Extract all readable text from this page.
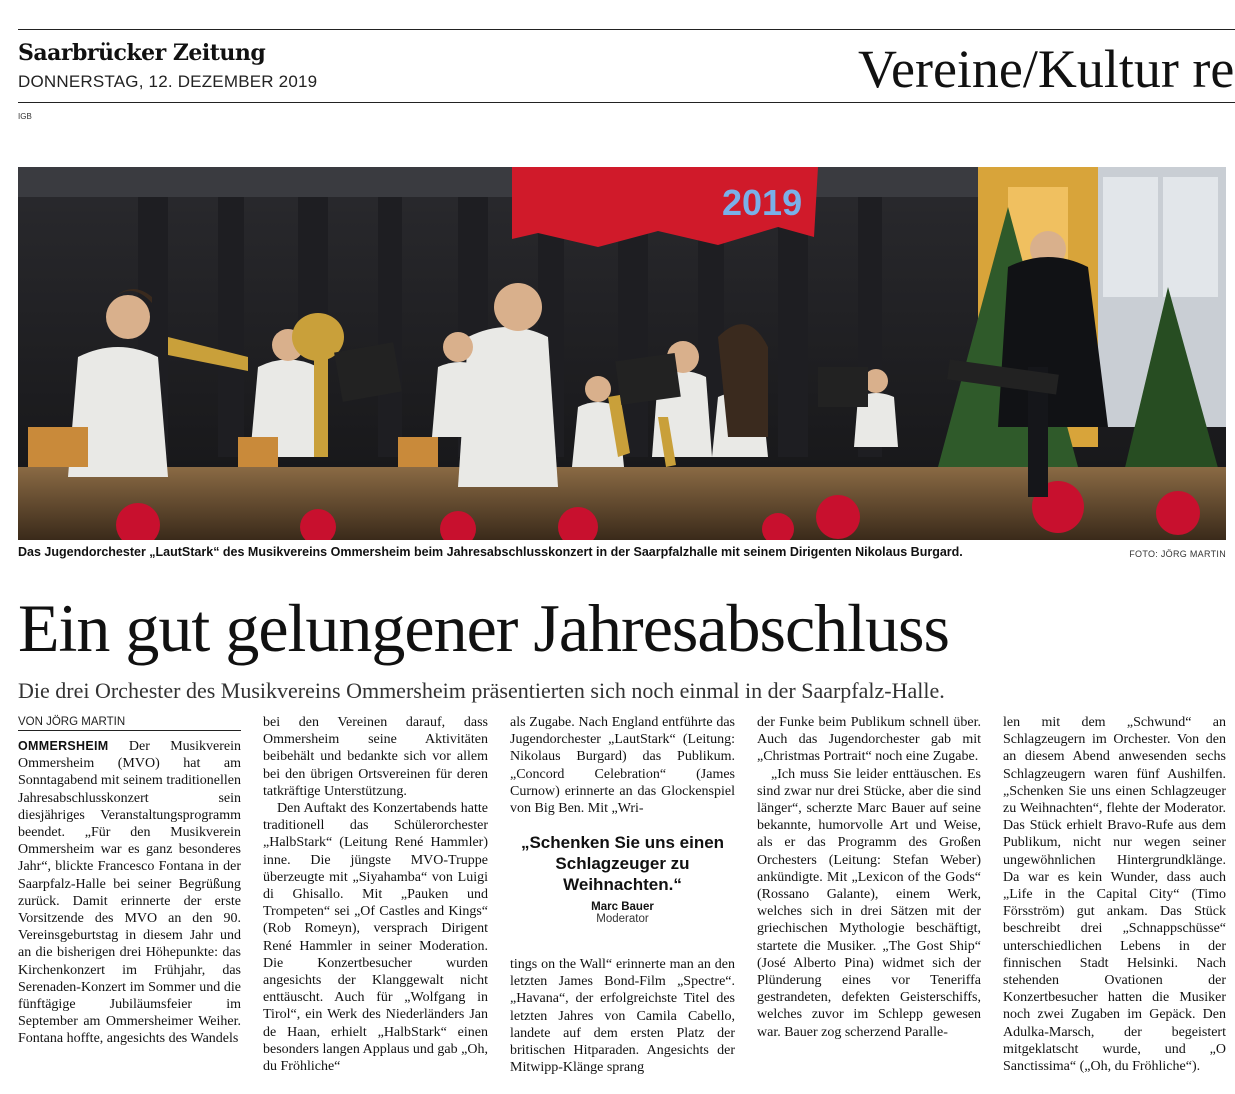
Saarbrücker Zeitung
DONNERSTAG, 12. DEZEMBER 2019	Vereine/Kultur re
IGB
2019
Das Jugendorchester „LautStark“ des Musikvereins Ommersheim beim Jahresabschlusskonzert in der Saarpfalzhalle mit seinem Dirigenten Nikolaus Burgard.	FOTO: JÖRG MARTIN
Ein gut gelungener Jahresabschluss
Die drei Orchester des Musikvereins Ommersheim präsentierten sich noch einmal in der Saarpfalz-Halle.
VON JÖRG MARTIN

OMMERSHEIM Der Musikverein Ommersheim (MVO) hat am Sonntagabend mit seinem traditionellen Jahresabschlusskonzert sein diesjähriges Veranstaltungsprogramm beendet. „Für den Musikverein Ommersheim war es ganz besonderes Jahr“, blickte Francesco Fontana in der Saarpfalz-Halle bei seiner Begrüßung zurück. Damit erinnerte der erste Vorsitzende des MVO an den 90. Vereinsgeburtstag in diesem Jahr und an die bisherigen drei Höhepunkte: das Kirchenkonzert im Frühjahr, das Serenaden-Konzert im Sommer und die fünftägige Jubiläumsfeier im September am Ommersheimer Weiher. Fontana hoffte, angesichts des Wandels

bei den Vereinen darauf, dass Ommersheim seine Aktivitäten beibehält und bedankte sich vor allem bei den übrigen Ortsvereinen für deren tatkräftige Unterstützung.

Den Auftakt des Konzertabends hatte traditionell das Schülerorchester „HalbStark“ (Leitung René Hammler) inne. Die jüngste MVO-Truppe überzeugte mit „Siyahamba“ von Luigi di Ghisallo. Mit „Pauken und Trompeten“ sei „Of Castles and Kings“ (Rob Romeyn), versprach Dirigent René Hammler in seiner Moderation. Die Konzertbesucher wurden angesichts der Klanggewalt nicht enttäuscht. Auch für „Wolfgang in Tirol“, ein Werk des Niederländers Jan de Haan, erhielt „HalbStark“ einen besonders langen Applaus und gab „Oh, du Fröhliche“

als Zugabe. Nach England entführte das Jugendorchester „LautStark“ (Leitung: Nikolaus Burgard) das Publikum. „Concord Celebration“ (James Curnow) erinnerte an das Glockenspiel von Big Ben. Mit „Wri-

„Schenken Sie uns einen Schlagzeuger zu Weihnachten.“
Marc Bauer
Moderator

tings on the Wall“ erinnerte man an den letzten James Bond-Film „Spectre“. „Havana“, der erfolgreichste Titel des letzten Jahres von Camila Cabello, landete auf dem ersten Platz der britischen Hitparaden. Angesichts der Mitwipp-Klänge sprang

der Funke beim Publikum schnell über. Auch das Jugendorchester gab mit „Christmas Portrait“ noch eine Zugabe.

„Ich muss Sie leider enttäuschen. Es sind zwar nur drei Stücke, aber die sind länger“, scherzte Marc Bauer auf seine bekannte, humorvolle Art und Weise, als er das Programm des Großen Orchesters (Leitung: Stefan Weber) ankündigte. Mit „Lexicon of the Gods“ (Rossano Galante), einem Werk, welches sich in drei Sätzen mit der griechischen Mythologie beschäftigt, startete die Musiker. „The Gost Ship“ (José Alberto Pina) widmet sich der Plünderung eines vor Teneriffa gestrandeten, defekten Geisterschiffs, welches zuvor im Schlepp gewesen war. Bauer zog scherzend Paralle-

len mit dem „Schwund“ an Schlagzeugern im Orchester. Von den an diesem Abend anwesenden sechs Schlagzeugern waren fünf Aushilfen. „Schenken Sie uns einen Schlagzeuger zu Weihnachten“, flehte der Moderator. Das Stück erhielt Bravo-Rufe aus dem Publikum, nicht nur wegen seiner ungewöhnlichen Hintergrundklänge. Da war es kein Wunder, dass auch „Life in the Capital City“ (Timo Försström) gut ankam. Das Stück beschreibt drei „Schnappschüsse“ unterschiedlichen Lebens in der finnischen Stadt Helsinki. Nach stehenden Ovationen der Konzertbesucher hatten die Musiker noch zwei Zugaben im Gepäck. Den Adulka-Marsch, der begeistert mitgeklatscht wurde, und „O Sanctissima“ („Oh, du Fröhliche“).
